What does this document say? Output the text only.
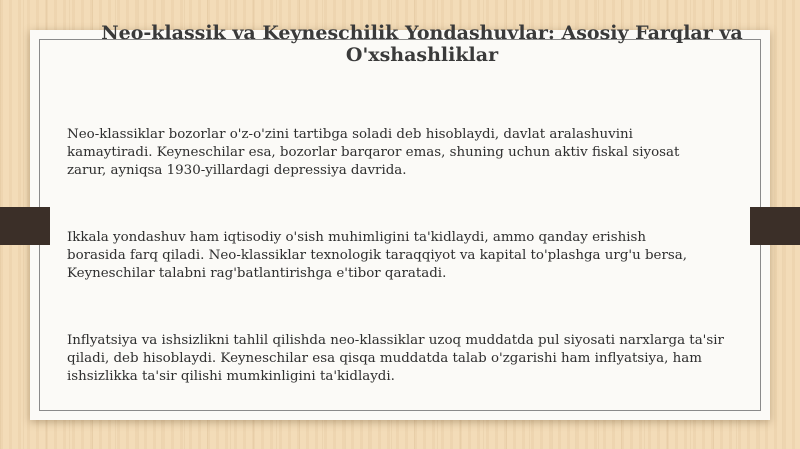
Neo-klassik va Keyneschilik Yondashuvlar: Asosiy Farqlar va
O'xshashliklar

Neo-klassiklar bozorlar o'z-o'zini tartibga soladi deb hisoblaydi, davlat aralashuvini
kamaytiradi. Keyneschilar esa, bozorlar barqaror emas, shuning uchun aktiv fiskal siyosat
zarur, ayniqsa 1930-yillardagi depressiya davrida.

Ikkala yondashuv ham iqtisodiy o'sish muhimligini ta'kidlaydi, ammo qanday erishish
borasida farq qiladi. Neo-klassiklar texnologik taraqqiyot va kapital to'plashga urg'u bersa,
Keyneschilar talabni rag'batlantirishga e'tibor qaratadi.

Inflyatsiya va ishsizlikni tahlil qilishda neo-klassiklar uzoq muddatda pul siyosati narxlarga ta'sir
qiladi, deb hisoblaydi. Keyneschilar esa qisqa muddatda talab o'zgarishi ham inflyatsiya, ham
ishsizlikka ta'sir qilishi mumkinligini ta'kidlaydi.
